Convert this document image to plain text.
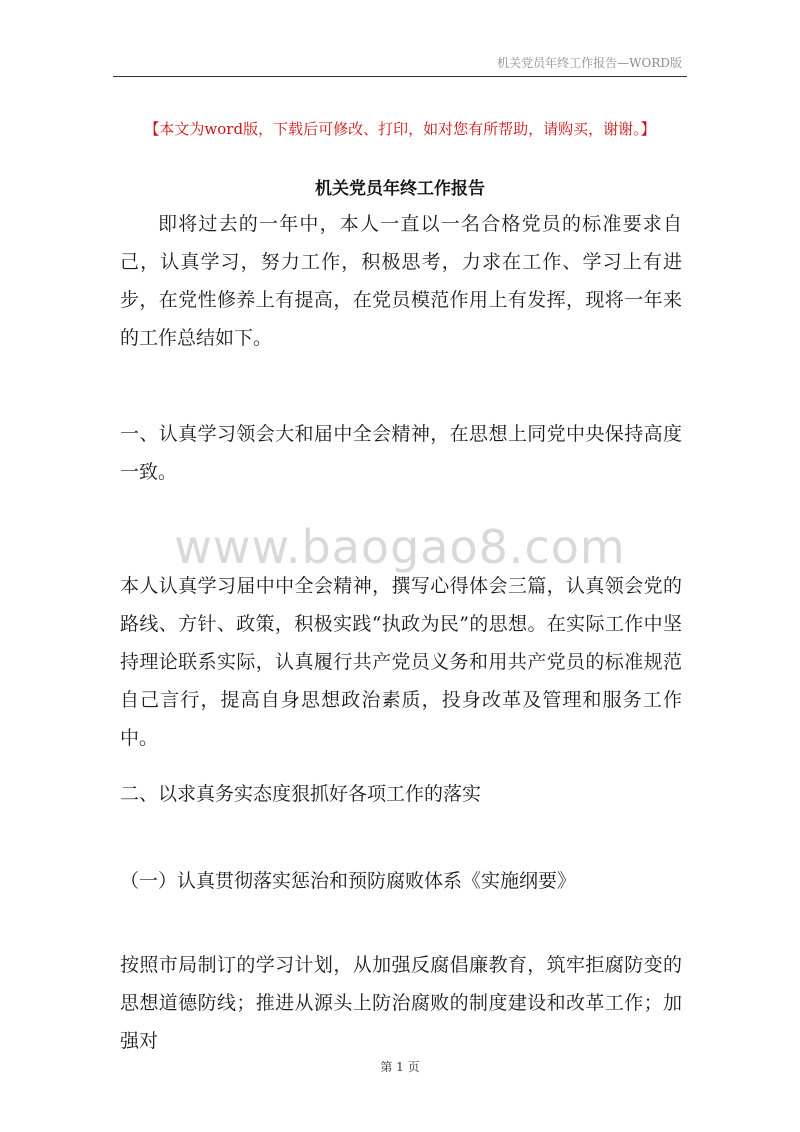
机关党员年终工作报告—WORD版
【本文为word版，下载后可修改、打印，如对您有所帮助，请购买，谢谢。】
机关党员年终工作报告

即将过去的一年中，本人一直以一名合格党员的标准要求自己，认真学习，努力工作，积极思考，力求在工作、学习上有进步，在党性修养上有提高，在党员模范作用上有发挥，现将一年来的工作总结如下。

一、认真学习领会大和届中全会精神，在思想上同党中央保持高度一致。

www.baogao8.com

本人认真学习届中中全会精神，撰写心得体会三篇，认真领会党的路线、方针、政策，积极实践“执政为民”的思想。在实际工作中坚持理论联系实际，认真履行共产党员义务和用共产党员的标准规范自己言行，提高自身思想政治素质，投身改革及管理和服务工作中。

二、以求真务实态度狠抓好各项工作的落实

（一）认真贯彻落实惩治和预防腐败体系《实施纲要》

按照市局制订的学习计划，从加强反腐倡廉教育，筑牢拒腐防变的思想道德防线；推进从源头上防治腐败的制度建设和改革工作；加强对

第 1 页
